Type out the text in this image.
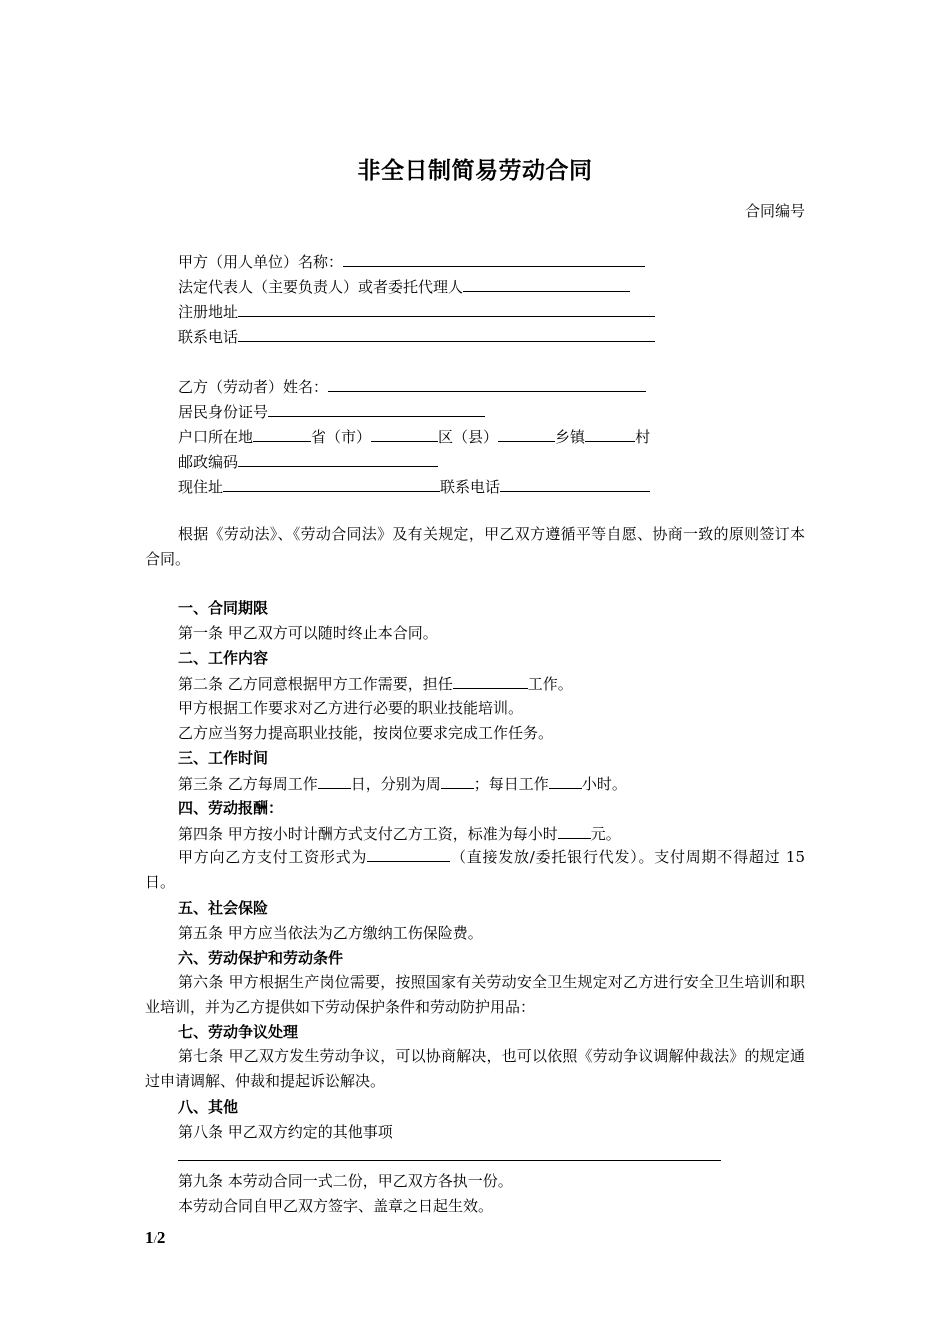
非全日制简易劳动合同
合同编号
甲方（用人单位）名称：
法定代表人（主要负责人）或者委托代理人
注册地址
联系电话
乙方（劳动者）姓名：
居民身份证号
户口所在地	省（市）	区（县）	乡镇	村
邮政编码
现住址	联系电话
根据《劳动法》、《劳动合同法》及有关规定，甲乙双方遵循平等自愿、协商一致的原则签订本合同。
一、合同期限
第一条 甲乙双方可以随时终止本合同。
二、工作内容
第二条 乙方同意根据甲方工作需要，担任	工作。
甲方根据工作要求对乙方进行必要的职业技能培训。
乙方应当努力提高职业技能，按岗位要求完成工作任务。
三、工作时间
第三条 乙方每周工作 日，分别为周 ；每日工作 小时。
四、劳动报酬：
第四条 甲方按小时计酬方式支付乙方工资，标准为每小时 元。
甲方向乙方支付工资形式为	（直接发放/委托银行代发）。支付周期不得超过 15 日。
五、社会保险
第五条 甲方应当依法为乙方缴纳工伤保险费。
六、劳动保护和劳动条件
第六条 甲方根据生产岗位需要，按照国家有关劳动安全卫生规定对乙方进行安全卫生培训和职业培训，并为乙方提供如下劳动保护条件和劳动防护用品：
七、劳动争议处理
第七条 甲乙双方发生劳动争议，可以协商解决，也可以依照《劳动争议调解仲裁法》的规定通过申请调解、仲裁和提起诉讼解决。
八、其他
第八条 甲乙双方约定的其他事项
第九条 本劳动合同一式二份，甲乙双方各执一份。
本劳动合同自甲乙双方签字、盖章之日起生效。
1/2
